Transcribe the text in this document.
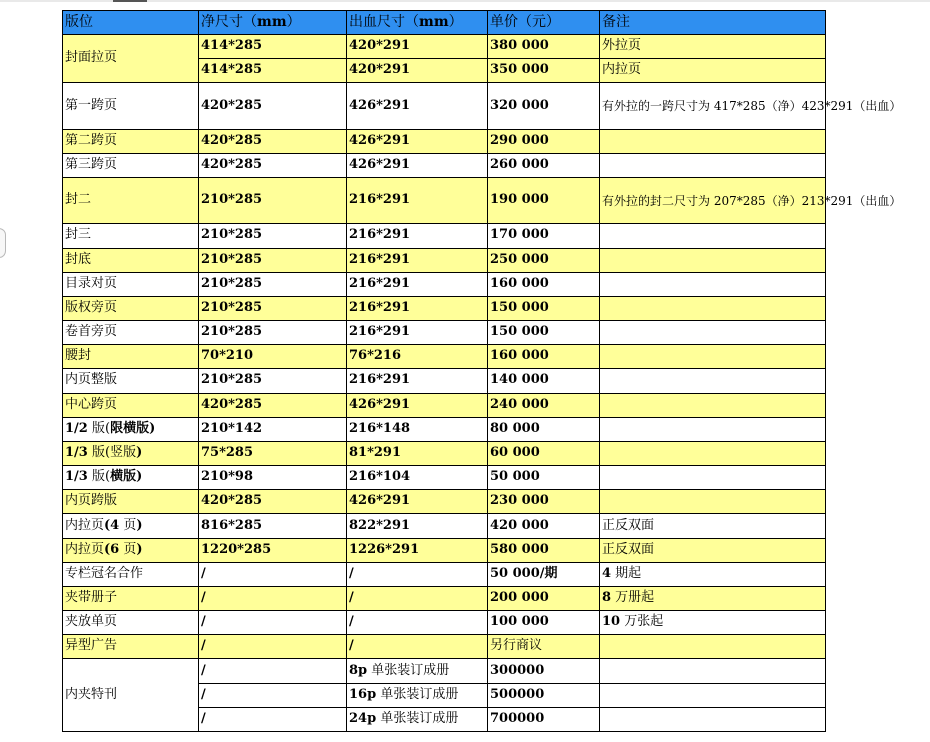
版位	净尺寸（mm）	出血尺寸（mm）	单价（元）	备注
封面拉页	414*285	420*291	380 000	外拉页
	414*285	420*291	350 000	内拉页
第一跨页	420*285	426*291	320 000	有外拉的一跨尺寸为 417*285（净）423*291（出血）
第二跨页	420*285	426*291	290 000	
第三跨页	420*285	426*291	260 000	
封二	210*285	216*291	190 000	有外拉的封二尺寸为 207*285（净）213*291（出血）
封三	210*285	216*291	170 000	
封底	210*285	216*291	250 000	
目录对页	210*285	216*291	160 000	
版权旁页	210*285	216*291	150 000	
卷首旁页	210*285	216*291	150 000	
腰封	70*210	76*216	160 000	
内页整版	210*285	216*291	140 000	
中心跨页	420*285	426*291	240 000	
1/2 版(限横版)	210*142	216*148	80 000	
1/3 版(竖版)	75*285	81*291	60 000	
1/3 版(横版)	210*98	216*104	50 000	
内页跨版	420*285	426*291	230 000	
内拉页(4 页)	816*285	822*291	420 000	正反双面
内拉页(6 页)	1220*285	1226*291	580 000	正反双面
专栏冠名合作	/	/	50 000/期	4 期起
夹带册子	/	/	200 000	8 万册起
夹放单页	/	/	100 000	10 万张起
异型广告	/	/	另行商议	
内夹特刊	/	8p 单张装订成册	300000	
	/	16p 单张装订成册	500000	
	/	24p 单张装订成册	700000	
